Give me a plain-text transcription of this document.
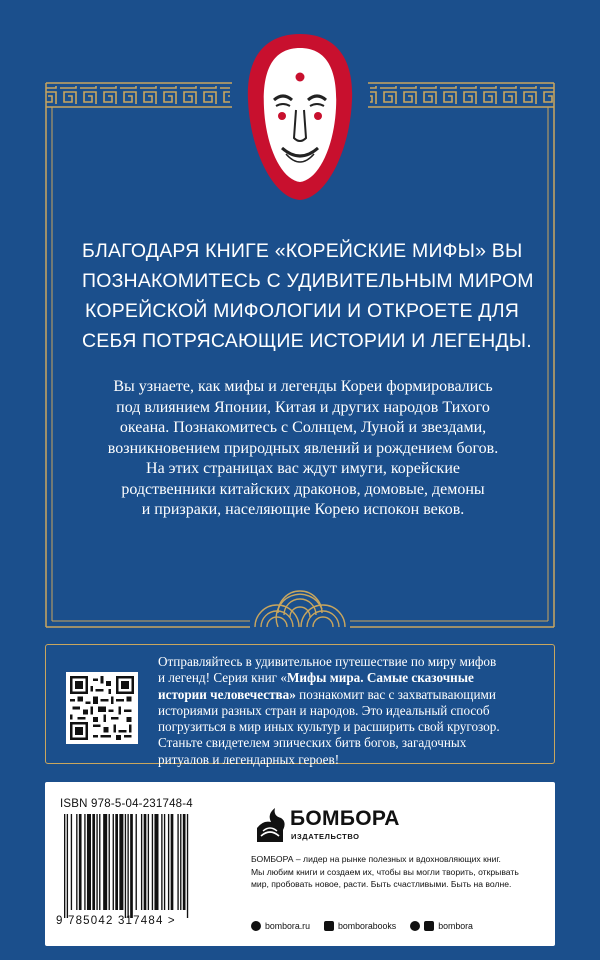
БЛАГОДАРЯ КНИГЕ «КОРЕЙСКИЕ МИФЫ» ВЫ
ПОЗНАКОМИТЕСЬ С УДИВИТЕЛЬНЫМ МИРОМ
КОРЕЙСКОЙ МИФОЛОГИИ И ОТКРОЕТЕ ДЛЯ
СЕБЯ ПОТРЯСАЮЩИЕ ИСТОРИИ И ЛЕГЕНДЫ.
Вы узнаете, как мифы и легенды Кореи формировались
под влиянием Японии, Китая и других народов Тихого
океана. Познакомитесь с Солнцем, Луной и звездами,
возникновением природных явлений и рождением богов.
На этих страницах вас ждут имуги, корейские
родственники китайских драконов, домовые, демоны
и призраки, населяющие Корею испокон веков.
Отправляйтесь в удивительное путешествие по миру мифов
и легенд! Серия книг «Мифы мира. Самые сказочные
истории человечества» познакомит вас с захватывающими
историями разных стран и народов. Это идеальный способ
погрузиться в мир иных культур и расширить свой кругозор.
Станьте свидетелем эпических битв богов, загадочных
ритуалов и легендарных героев!
ISBN 978-5-04-231748-4
9 785042 317484 >
БОМБОРА
ИЗДАТЕЛЬСТВО
БОМБОРА – лидер на рынке полезных и вдохновляющих книг.
Мы любим книги и создаем их, чтобы вы могли творить, открывать
мир, пробовать новое, расти. Быть счастливыми. Быть на волне.
bombora.ru	bomborabooks	bombora
